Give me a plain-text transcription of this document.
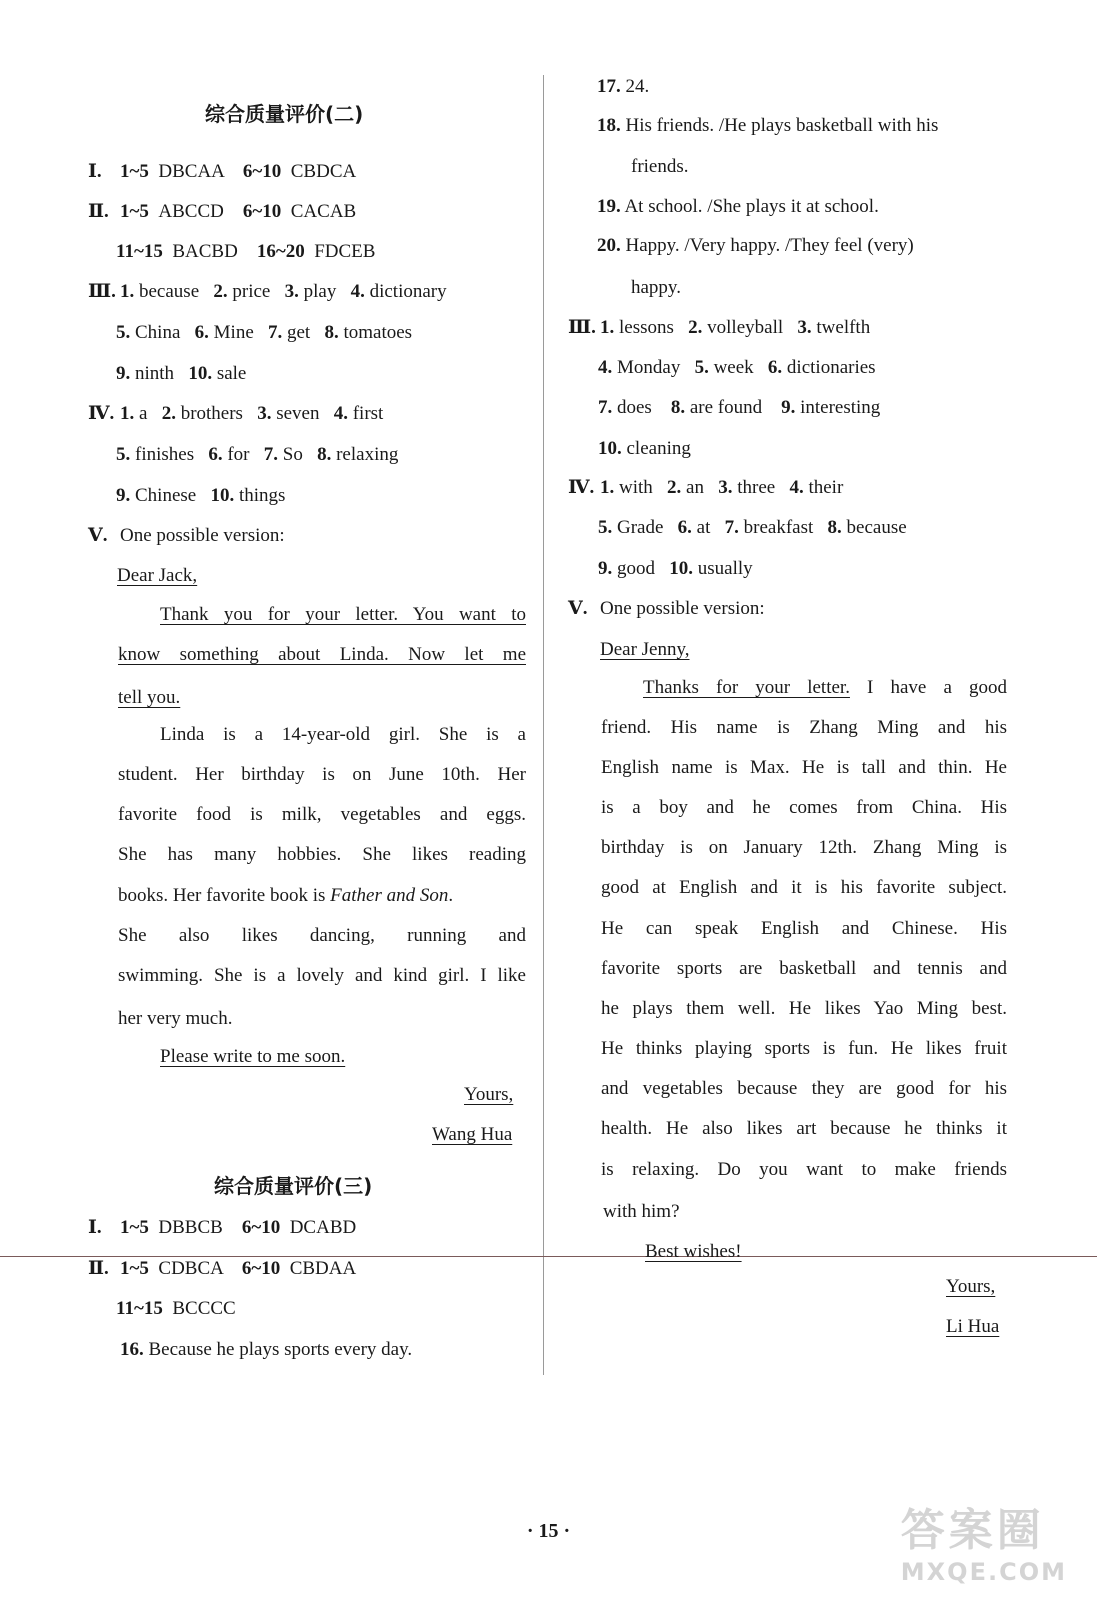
综合质量评价(二)
Ⅰ. 1~5 DBCAA 6~10 CBDCA
Ⅱ. 1~5 ABCCD 6~10 CACAB
11~15 BACBD 16~20 FDCEB
Ⅲ. 1. because 2. price 3. play 4. dictionary
5. China 6. Mine 7. get 8. tomatoes
9. ninth 10. sale
Ⅳ. 1. a 2. brothers 3. seven 4. first
5. finishes 6. for 7. So 8. relaxing
9. Chinese 10. things
Ⅴ. One possible version:
Dear Jack,
Thank you for your letter. You want to
know something about Linda. Now let me
tell you.
Linda is a 14-year-old girl. She is a
student. Her birthday is on June 10th. Her
favorite food is milk, vegetables and eggs.
She has many hobbies. She likes reading
books. Her favorite book is Father and Son.
She also likes dancing, running and
swimming. She is a lovely and kind girl. I like
her very much.
Please write to me soon.
Yours,
Wang Hua
综合质量评价(三)
Ⅰ. 1~5 DBBCB 6~10 DCABD
Ⅱ. 1~5 CDBCA 6~10 CBDAA
11~15 BCCCC
16. Because he plays sports every day.
17. 24.
18. His friends. /He plays basketball with his
friends.
19. At school. /She plays it at school.
20. Happy. /Very happy. /They feel (very)
happy.
Ⅲ. 1. lessons 2. volleyball 3. twelfth
4. Monday 5. week 6. dictionaries
7. does 8. are found 9. interesting
10. cleaning
Ⅳ. 1. with 2. an 3. three 4. their
5. Grade 6. at 7. breakfast 8. because
9. good 10. usually
Ⅴ. One possible version:
Dear Jenny,
Thanks for your letter. I have a good
friend. His name is Zhang Ming and his
English name is Max. He is tall and thin. He
is a boy and he comes from China. His
birthday is on January 12th. Zhang Ming is
good at English and it is his favorite subject.
He can speak English and Chinese. His
favorite sports are basketball and tennis and
he plays them well. He likes Yao Ming best.
He thinks playing sports is fun. He likes fruit
and vegetables because they are good for his
health. He also likes art because he thinks it
is relaxing. Do you want to make friends
with him?
Best wishes!
Yours,
Li Hua
· 15 ·	答案圈
MXQE.COM
